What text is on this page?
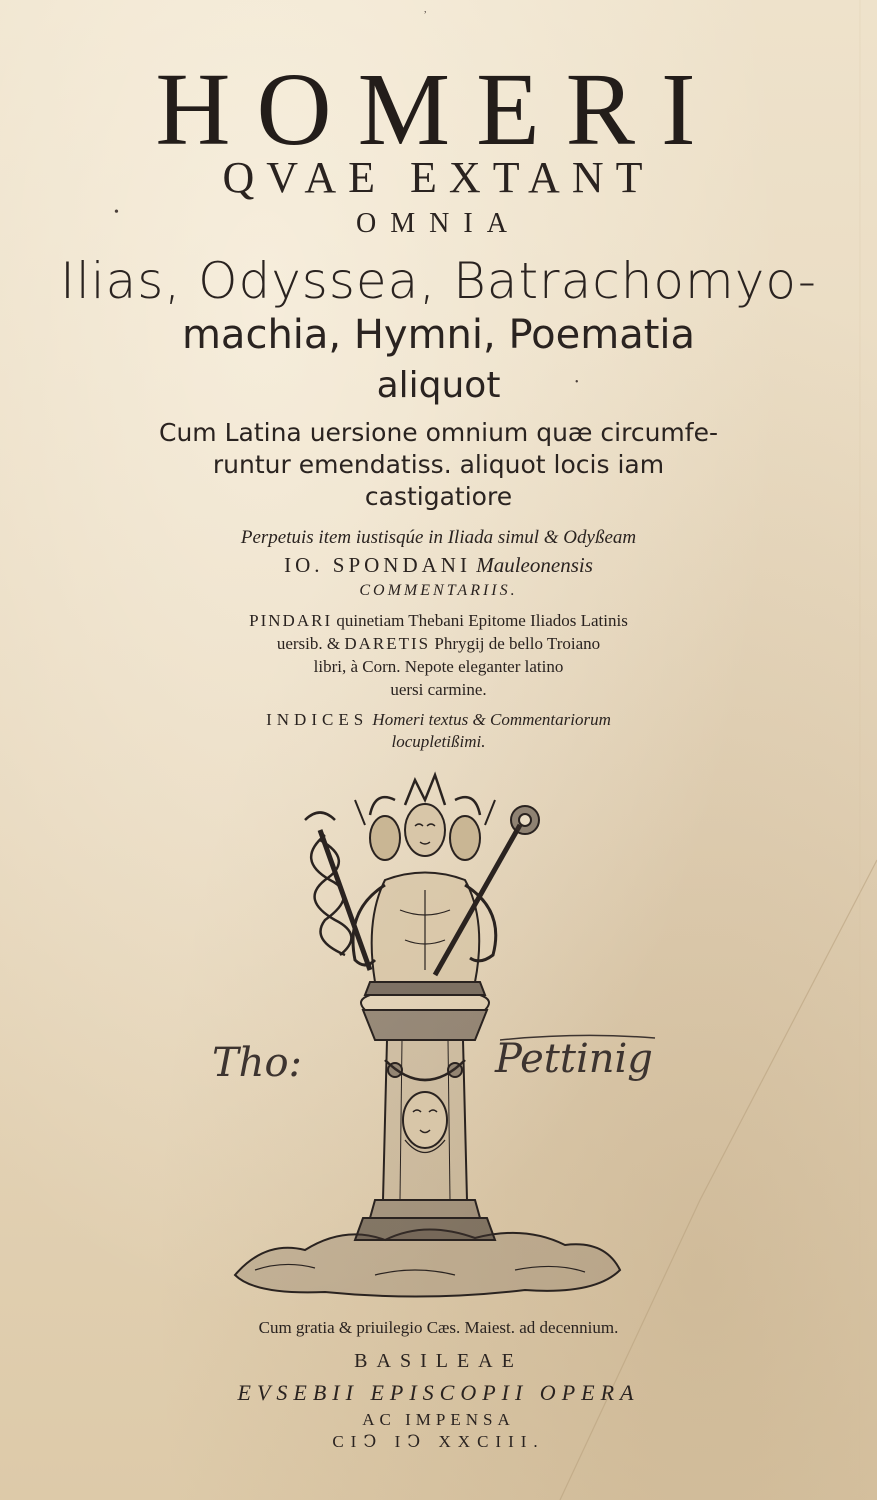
HOMERI
QVAE EXTANT
OMNIA
Ilias, Odyssea, Batrachomyo-
machia, Hymni, Poematia
aliquot
Cum Latina uersione omnium quæ circumfe-
runtur emendatiss. aliquot locis iam
castigatiore
Perpetuis item iustisqúe in Iliada simul & Odyßeam
IO. SPONDANI Mauleonensis
COMMENTARIIS.
PINDARI quinetiam Thebani Epitome Iliados Latinis
uersib. & DARETIS Phrygij de bello Troiano
libri, à Corn. Nepote eleganter latino
uersi carmine.
INDICES Homeri textus & Commentariorum
locupletißimi.
Tho:	Pettinig
Cum gratia & priuilegio Cæs. Maiest. ad decennium.
BASILEAE
EVSEBII EPISCOPII OPERA
AC IMPENSA
CIↃ IↃ XXCIII.
•
•
,
